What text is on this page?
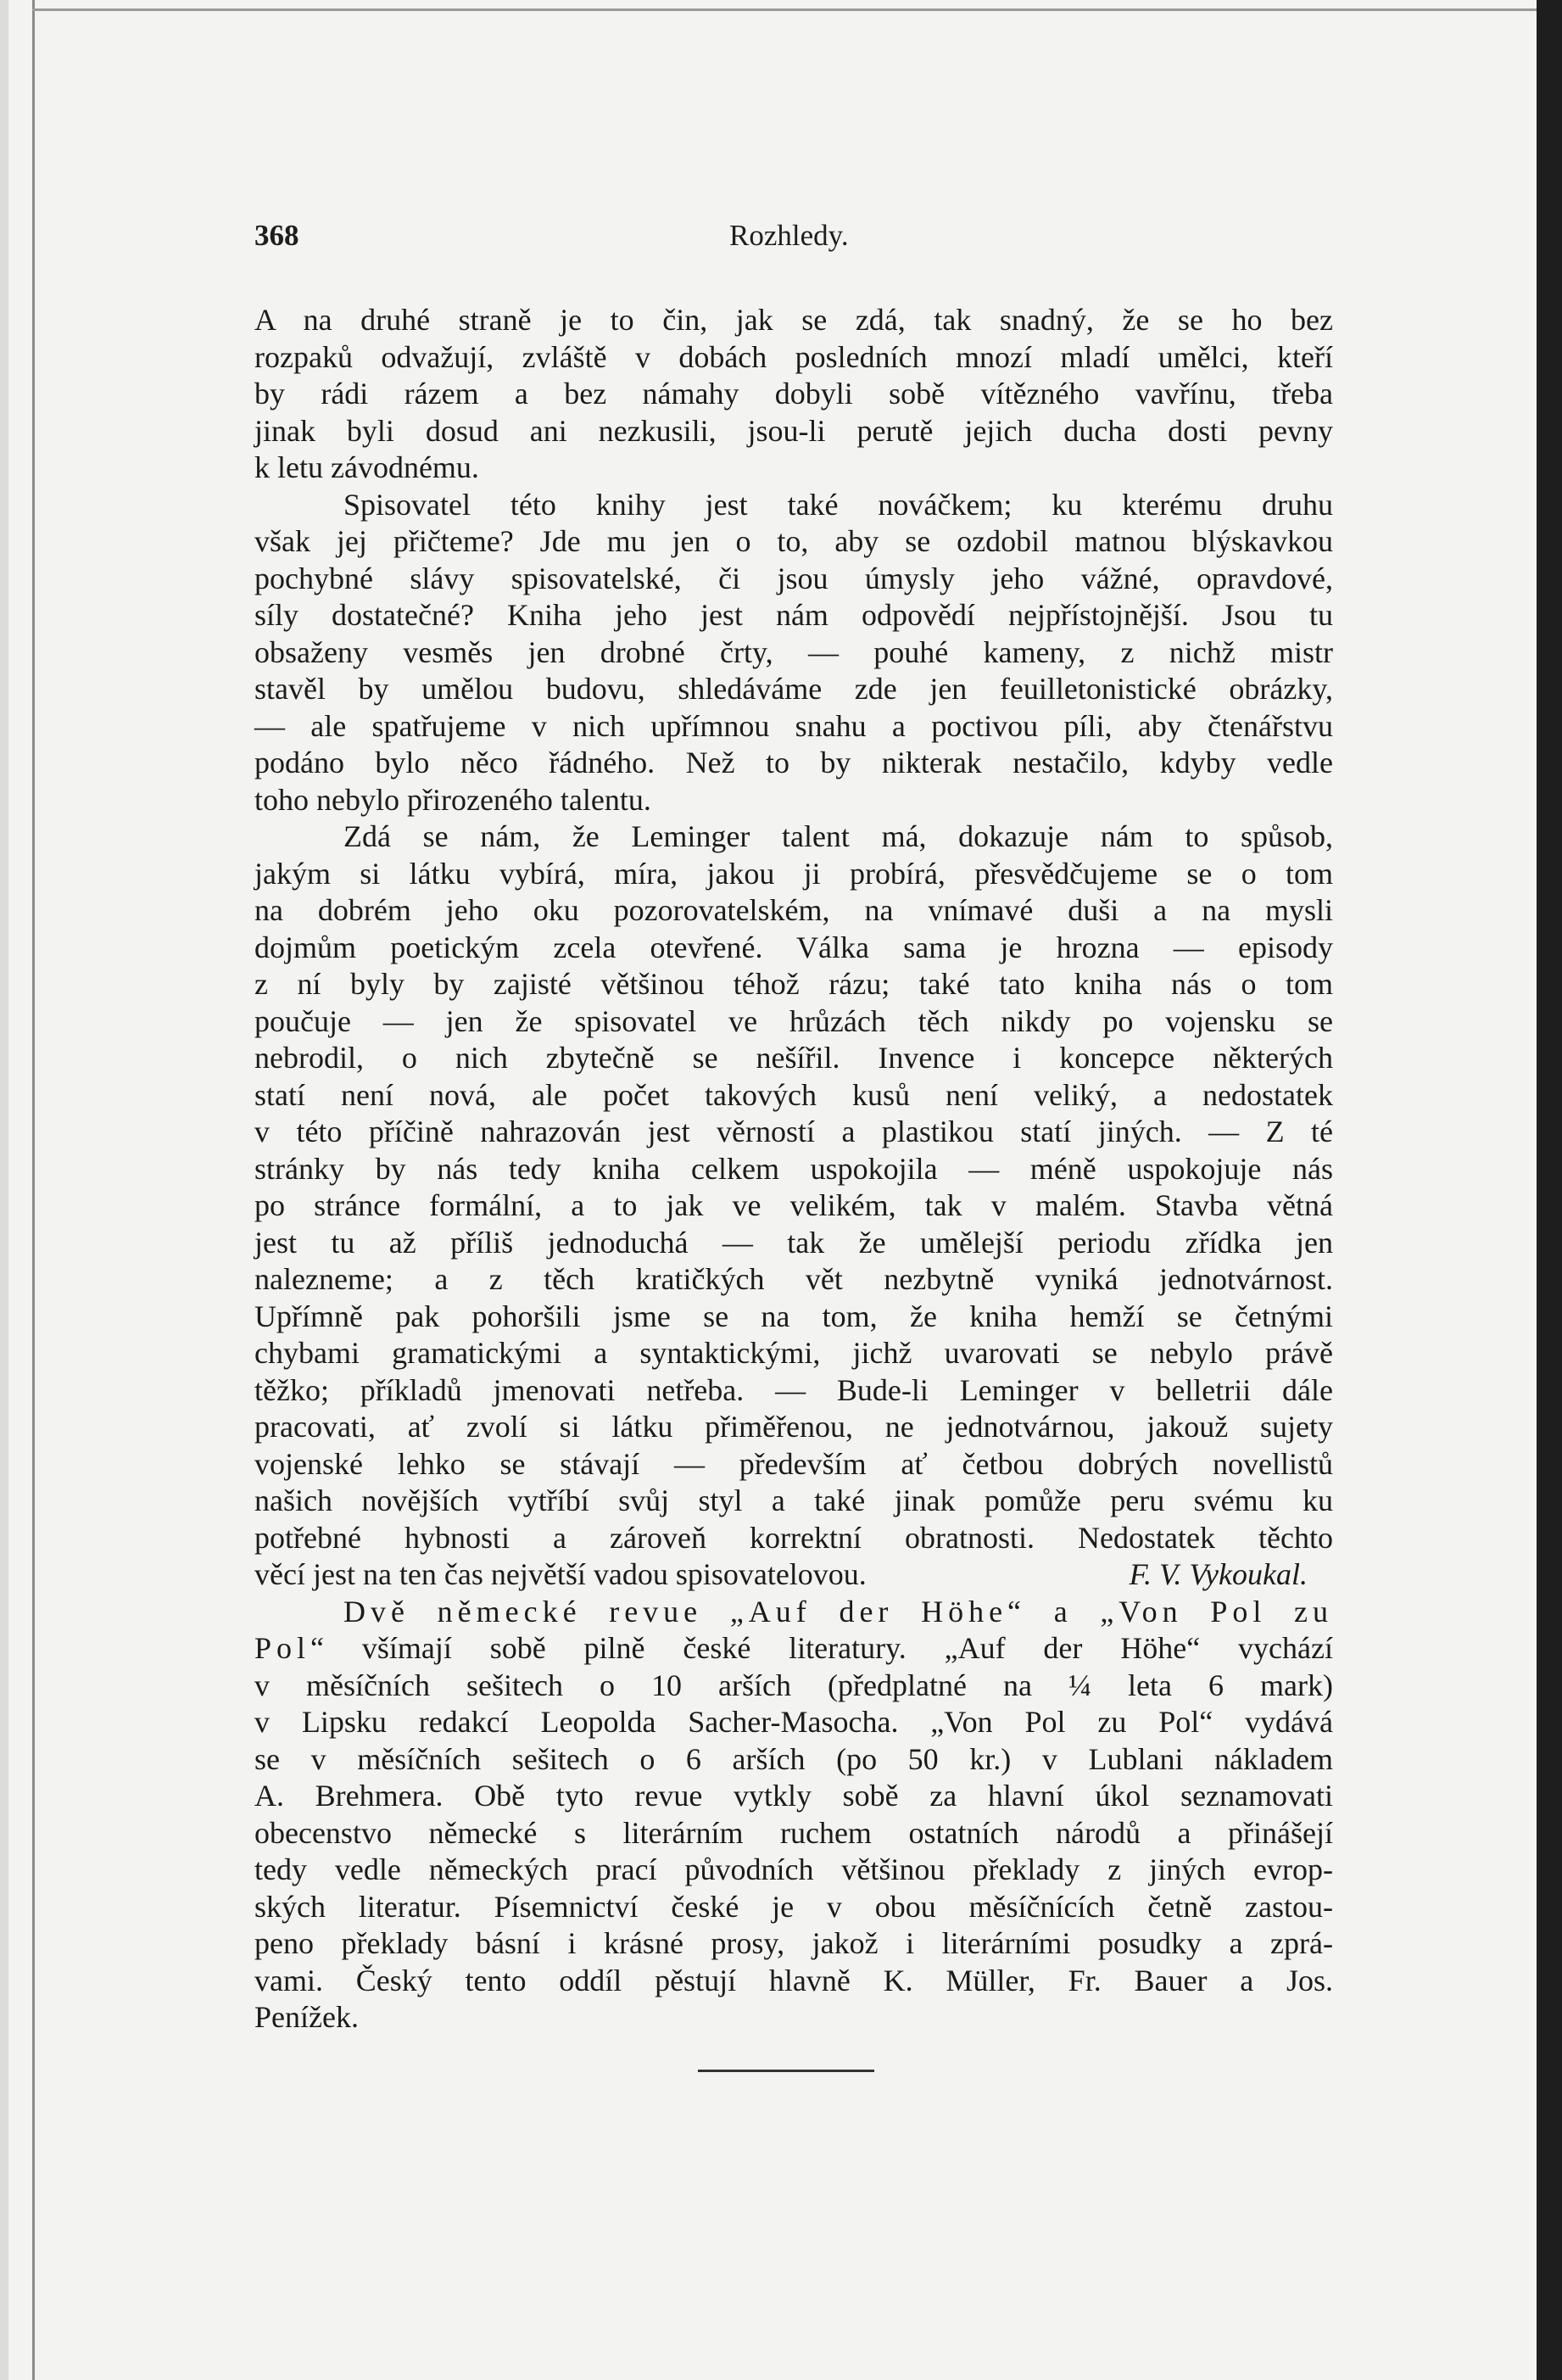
368	Rozhledy.
A na druhé straně je to čin, jak se zdá, tak snadný, že se ho bez
rozpaků odvažují, zvláště v dobách posledních mnozí mladí umělci, kteří
by rádi rázem a bez námahy dobyli sobě vítězného vavřínu, třeba
jinak byli dosud ani nezkusili, jsou-li perutě jejich ducha dosti pevny
k letu závodnému.
Spisovatel této knihy jest také nováčkem; ku kterému druhu
však jej přičteme? Jde mu jen o to, aby se ozdobil matnou blýskavkou
pochybné slávy spisovatelské, či jsou úmysly jeho vážné, opravdové,
síly dostatečné? Kniha jeho jest nám odpovědí nejpřístojnější. Jsou tu
obsaženy vesměs jen drobné črty, — pouhé kameny, z nichž mistr
stavěl by umělou budovu, shledáváme zde jen feuilletonistické obrázky,
— ale spatřujeme v nich upřímnou snahu a poctivou píli, aby čtenářstvu
podáno bylo něco řádného. Než to by nikterak nestačilo, kdyby vedle
toho nebylo přirozeného talentu.
Zdá se nám, že Leminger talent má, dokazuje nám to spůsob,
jakým si látku vybírá, míra, jakou ji probírá, přesvědčujeme se o tom
na dobrém jeho oku pozorovatelském, na vnímavé duši a na mysli
dojmům poetickým zcela otevřené. Válka sama je hrozna — episody
z ní byly by zajisté většinou téhož rázu; také tato kniha nás o tom
poučuje — jen že spisovatel ve hrůzách těch nikdy po vojensku se
nebrodil, o nich zbytečně se nešířil. Invence i koncepce některých
statí není nová, ale počet takových kusů není veliký, a nedostatek
v této příčině nahrazován jest věrností a plastikou statí jiných. — Z té
stránky by nás tedy kniha celkem uspokojila — méně uspokojuje nás
po stránce formální, a to jak ve velikém, tak v malém. Stavba větná
jest tu až příliš jednoduchá — tak že umělejší periodu zřídka jen
nalezneme; a z těch kratičkých vět nezbytně vyniká jednotvárnost.
Upřímně pak pohoršili jsme se na tom, že kniha hemží se četnými
chybami gramatickými a syntaktickými, jichž uvarovati se nebylo právě
těžko; příkladů jmenovati netřeba. — Bude-li Leminger v belletrii dále
pracovati, ať zvolí si látku přiměřenou, ne jednotvárnou, jakouž sujety
vojenské lehko se stávají — především ať četbou dobrých novellistů
našich novějších vytříbí svůj styl a také jinak pomůže peru svému ku
potřebné hybnosti a zároveň korrektní obratnosti. Nedostatek těchto
věcí jest na ten čas největší vadou spisovatelovou.	F. V. Vykoukal.
Dvě německé revue „Auf der Höhe“ a „Von Pol zu
Pol“ všímají sobě pilně české literatury. „Auf der Höhe“ vychází
v měsíčních sešitech o 10 arších (předplatné na ¼ leta 6 mark)
v Lipsku redakcí Leopolda Sacher-Masocha. „Von Pol zu Pol“ vydává
se v měsíčních sešitech o 6 arších (po 50 kr.) v Lublani nákladem
A. Brehmera. Obě tyto revue vytkly sobě za hlavní úkol seznamovati
obecenstvo německé s literárním ruchem ostatních národů a přinášejí
tedy vedle německých prací původních většinou překlady z jiných evrop-
ských literatur. Písemnictví české je v obou měsíčnících četně zastou-
peno překlady básní i krásné prosy, jakož i literárními posudky a zprá-
vami. Český tento oddíl pěstují hlavně K. Müller, Fr. Bauer a Jos.
Penížek.
